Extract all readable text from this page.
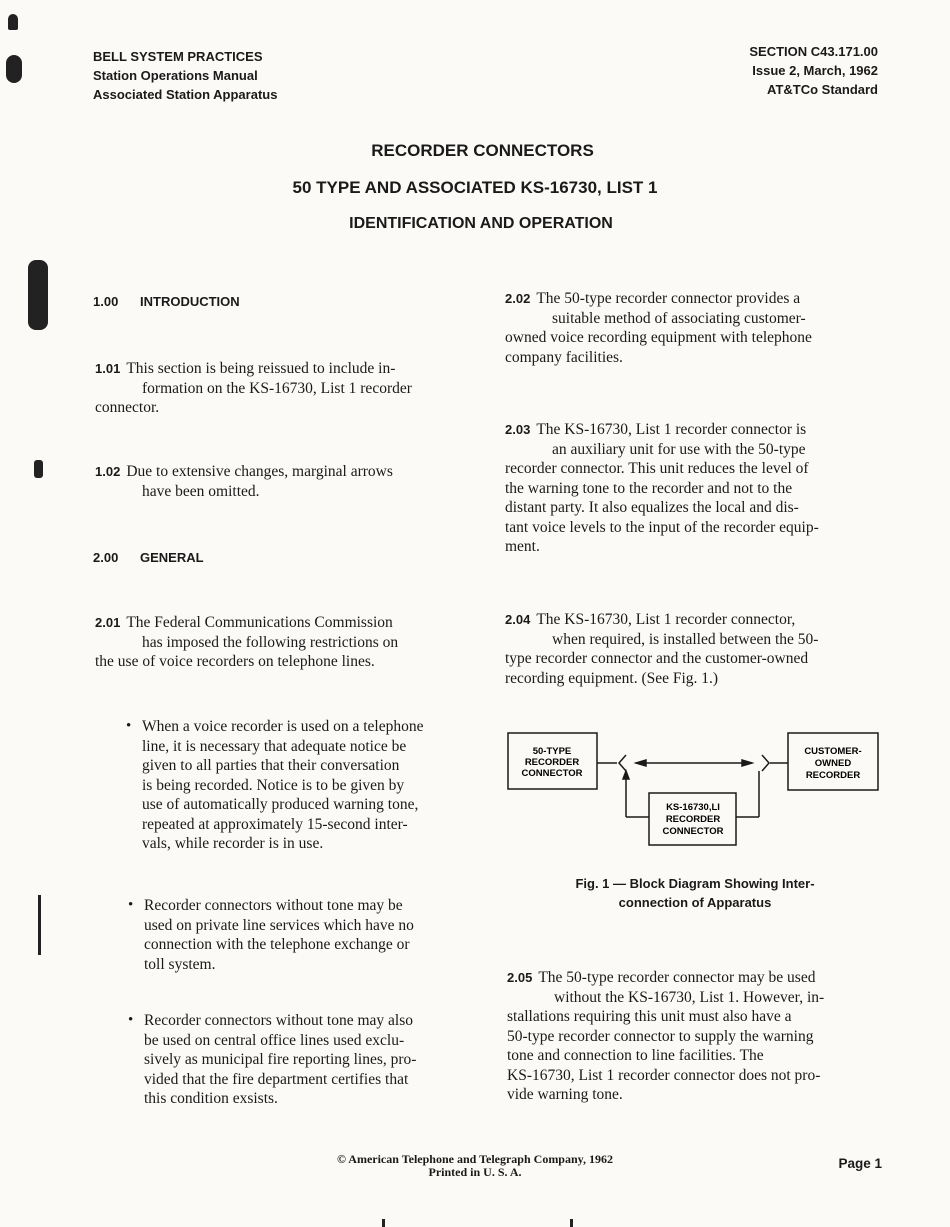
BELL SYSTEM PRACTICES
Station Operations Manual
Associated Station Apparatus
SECTION C43.171.00
Issue 2, March, 1962
AT&TCo Standard
RECORDER CONNECTORS
50 TYPE AND ASSOCIATED KS-16730, LIST 1
IDENTIFICATION AND OPERATION
1.00 INTRODUCTION
1.01 This section is being reissued to include in-
formation on the KS-16730, List 1 recorder
connector.
1.02 Due to extensive changes, marginal arrows
have been omitted.
2.00 GENERAL
2.01 The Federal Communications Commission
has imposed the following restrictions on
the use of voice recorders on telephone lines.
• When a voice recorder is used on a telephone
line, it is necessary that adequate notice be
given to all parties that their conversation
is being recorded. Notice is to be given by
use of automatically produced warning tone,
repeated at approximately 15-second inter-
vals, while recorder is in use.
• Recorder connectors without tone may be
used on private line services which have no
connection with the telephone exchange or
toll system.
• Recorder connectors without tone may also
be used on central office lines used exclu-
sively as municipal fire reporting lines, pro-
vided that the fire department certifies that
this condition exsists.
2.02 The 50-type recorder connector provides a
suitable method of associating customer-
owned voice recording equipment with telephone
company facilities.
2.03 The KS-16730, List 1 recorder connector is
an auxiliary unit for use with the 50-type
recorder connector. This unit reduces the level of
the warning tone to the recorder and not to the
distant party. It also equalizes the local and dis-
tant voice levels to the input of the recorder equip-
ment.
2.04 The KS-16730, List 1 recorder connector,
when required, is installed between the 50-
type recorder connector and the customer-owned
recording equipment. (See Fig. 1.)
50-TYPE
RECORDER
CONNECTOR
CUSTOMER-
OWNED
RECORDER
KS-16730,LI
RECORDER
CONNECTOR
Fig. 1 — Block Diagram Showing Inter-
connection of Apparatus
2.05 The 50-type recorder connector may be used
without the KS-16730, List 1. However, in-
stallations requiring this unit must also have a
50-type recorder connector to supply the warning
tone and connection to line facilities. The
KS-16730, List 1 recorder connector does not pro-
vide warning tone.
© American Telephone and Telegraph Company, 1962
Printed in U. S. A.
Page 1
